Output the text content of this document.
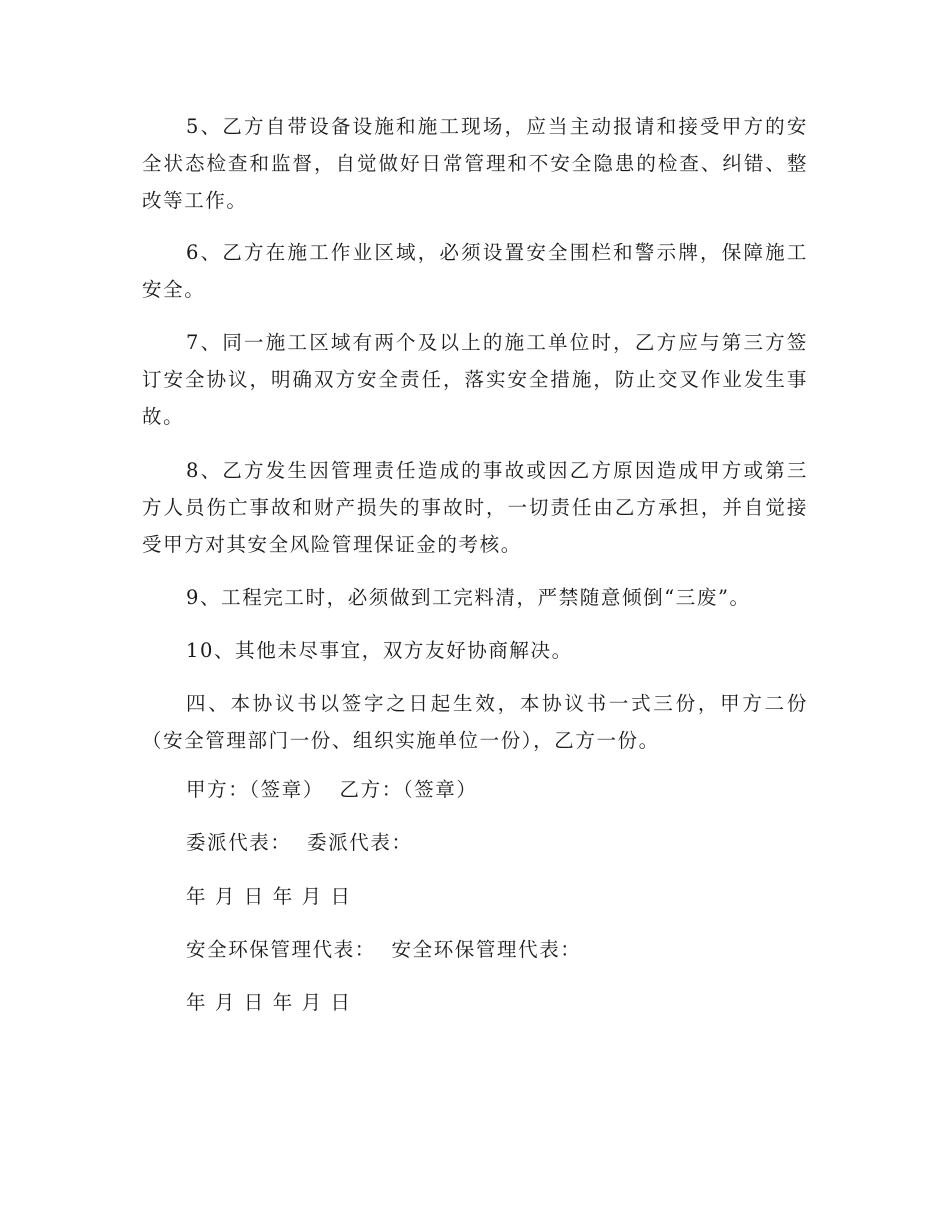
5、乙方自带设备设施和施工现场，应当主动报请和接受甲方的安全状态检查和监督，自觉做好日常管理和不安全隐患的检查、纠错、整改等工作。

6、乙方在施工作业区域，必须设置安全围栏和警示牌，保障施工安全。

7、同一施工区域有两个及以上的施工单位时，乙方应与第三方签订安全协议，明确双方安全责任，落实安全措施，防止交叉作业发生事故。

8、乙方发生因管理责任造成的事故或因乙方原因造成甲方或第三方人员伤亡事故和财产损失的事故时，一切责任由乙方承担，并自觉接受甲方对其安全风险管理保证金的考核。

9、工程完工时，必须做到工完料清，严禁随意倾倒“三废”。

10、其他未尽事宜，双方友好协商解决。

四、本协议书以签字之日起生效，本协议书一式三份，甲方二份（安全管理部门一份、组织实施单位一份），乙方一份。

甲方：（签章）  乙方：（签章）
委派代表：  委派代表：
年 月 日 年 月 日
安全环保管理代表：  安全环保管理代表：
年 月 日 年 月 日
